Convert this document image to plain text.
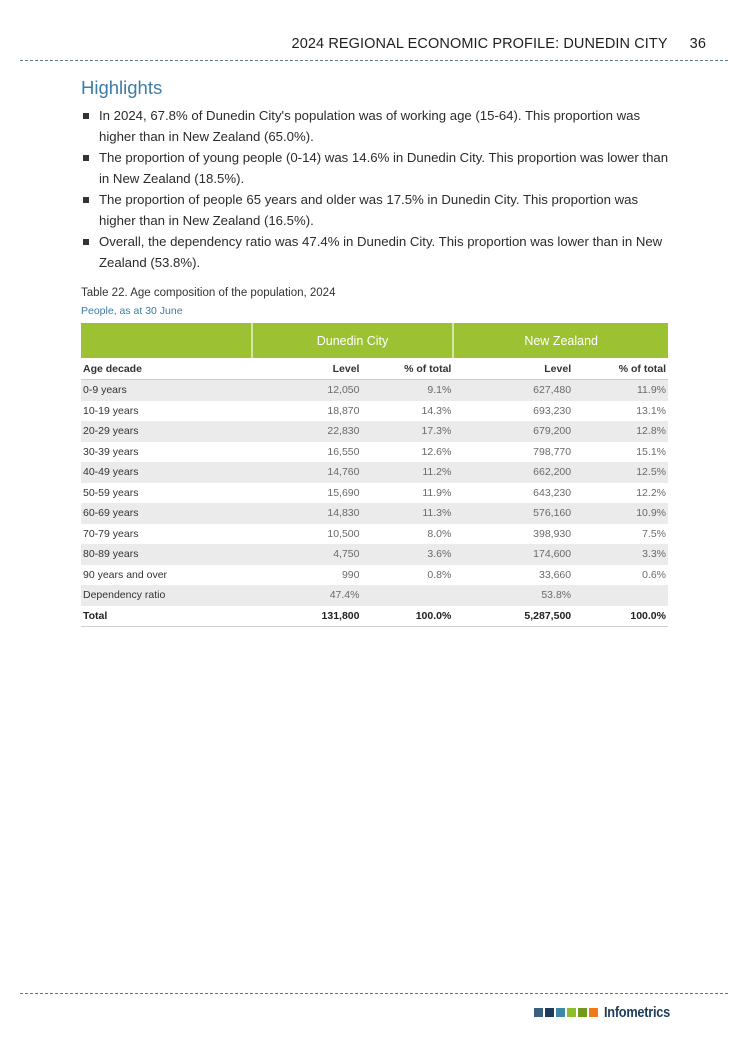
2024 REGIONAL ECONOMIC PROFILE: DUNEDIN CITY 36
Highlights
In 2024, 67.8% of Dunedin City's population was of working age (15-64). This proportion was higher than in New Zealand (65.0%).
The proportion of young people (0-14) was 14.6% in Dunedin City. This proportion was lower than in New Zealand (18.5%).
The proportion of people 65 years and older was 17.5% in Dunedin City. This proportion was higher than in New Zealand (16.5%).
Overall, the dependency ratio was 47.4% in Dunedin City. This proportion was lower than in New Zealand (53.8%).
Table 22. Age composition of the population, 2024
People, as at 30 June
	Dunedin City		New Zealand	
Age decade	Level	% of total	Level	% of total
0-9 years	12,050	9.1%	627,480	11.9%
10-19 years	18,870	14.3%	693,230	13.1%
20-29 years	22,830	17.3%	679,200	12.8%
30-39 years	16,550	12.6%	798,770	15.1%
40-49 years	14,760	11.2%	662,200	12.5%
50-59 years	15,690	11.9%	643,230	12.2%
60-69 years	14,830	11.3%	576,160	10.9%
70-79 years	10,500	8.0%	398,930	7.5%
80-89 years	4,750	3.6%	174,600	3.3%
90 years and over	990	0.8%	33,660	0.6%
Dependency ratio	47.4%		53.8%	
Total	131,800	100.0%	5,287,500	100.0%
Infometrics
